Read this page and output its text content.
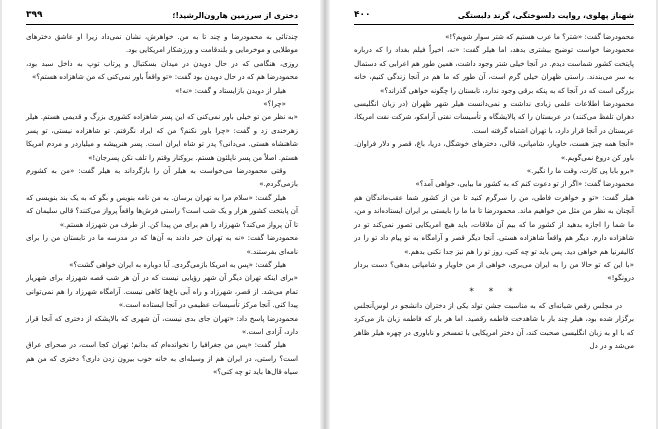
دختری از سرزمین هارون‌الرشید!؛
۳۹۹

چندتائی به محمودرضا و چند تا به من. خواهرش، نشان نمی‌داد زیرا او عاشق دخترهای موطلایی و موخرمایی و بلندقامت و ورزشکار امریکایی بود.

روزی، هنگامی که در حال دویدن در میدان بسکتبال و پرتاب توپ به داخل سبد بود، محمودرضا هم که در حال دویدن بود گفت: «تو واقعاً باور نمی‌کنی که من شاهزاده هستم؟»

هیلر از دویدن بازایستاد و گفت: «نه!»

«چرا؟»

«به نظر من تو خیلی باور نمی‌کنی که این پسر شاهزاده کشوری بزرگ و قدیمی هستم. هیلر زهرخندی زد و گفت: «چرا باور نکنم؟ من که ایراد نگرفتم. تو شاهزاده نیستی، تو پسر شاهنشاه هستی. می‌دانی؟ پدر تو شاه ایران است. پسر هنرپیشه و میلیاردر و مردم امریکا هستم. اصلاً من پسر ناپلئون هستم. بروکنار وقتم را تلف نکن پسرجان!»

وقتی محمودرضا می‌خواست به هیلر آن را بازگرداند به هیلر گفت: «من به کشورم بازمی‌گردم.»

هیلر گفت: «سلام مرا به تهران برسان. به من نامه بنویس و بگو که به یک بند بنویسی که آن پایتخت کشور هزار و یک شب است؟ راستی فرش‌ها واقعاً پرواز می‌کنند؟ قالی سلیمان که تا آن پرواز می‌کند؟ شهرزاد را هم برای من پیدا کن. از طرف من شهرزاد هستم.»

محمودرضا گفت: «نه به تهران خبر دادند به آن‌ها که در مدرسه ما در تابستان من را برای نامه‌ای بفرستند.»

هیلر گفت: «پس به امریکا بازمی‌گردی. آیا دوباره به ایران خواهی گشت؟»

«برای اینکه تهران دیگر آن شهر رؤیایی نیست که در آن هر شب قصه شهرزاد برای شهریار تمام می‌شد. از قصر، شهرزاد و راه آبی باغ‌ها کاهی نیست. آرامگاه شهرزاد را هم نمی‌توانی پیدا کنی. آنجا مرکز تأسیسات عظیمی در آنجا ایستاده است.»

محمودرضا پاسخ داد: «تهران جای بدی نیست، آن شهری که بالاپشکه از دختری که آنجا قرار دارد، آزادی است.»

هیلر گفت: «پس من جغرافیا را نخوانده‌ام که بدانم؛ تهران کجا است، در صحرای عراق است؟ راستی، در ایران هم از وسیله‌ای به خانه خوب بیرون زدن داری؟ دختری که من هم سیاه قال‌ها باید تو چه کنی؟»

شهناز پهلوی، روایت دلسوختگی، گرند دلبستگی
۴۰۰

محمودرضا گفت: «شتر؟ ما عرب هستیم که شتر سوار شویم؟!»

محمودرضا خواست توضیح بیشتری بدهد، اما هیلر گفت: «نه، اخیراً فیلم بغداد را که درباره پایتخت کشور شماست دیدم. در آنجا خیلی شتر وجود داشت، همین طور هم اعرابی که دستمال به سر می‌بندند. راستی ظهران خیلی گرم است، آن طور که ما هم در آنجا زندگی کنیم، خانه بزرگی است که در آنجا که به پنکه برقی وجود ندارد، تابستان را چگونه خواهی گذراند؟»

محمودرضا اطلاعات علمی زیادی نداشت و نمی‌دانست هیلر شهر ظهران (در زبان انگلیسی دهران تلفظ می‌کنند) در عربستان را که پالایشگاه و تأسیسات نفتی آرامکو، شرکت نفت امریکا، عربستان در آنجا قرار دارد، با تهران اشتباه گرفته است.

«آنجا همه چیز هست، خاویار، شامپانی، قالی، دخترهای خوشگل، دریا، باغ، قصر و دلار فراوان. باور کن دروغ نمی‌گویم.»

«برو بابا پی کارت، وقت ما را نگیر.»

محمودرضا گفت: «اگر از تو دعوت کنم که به کشور ما بیایی، خواهی آمد؟»

هیلر گفت: «تو و خواهرت فاطی، من را سرگرم کنید تا من از کشور شما عقب‌ماندگان هم آنچنان به نظر من مثل من خواهیم ماند. محمودرضا تا ما ما را بایستی بر ایران ایستاده‌اند و من، ما شما را اجازه بدهید از کشور ما که بیم آن ملاقات، باید هیچ امریکایی تصور نمی‌کند تو در شاهزاده دارم. دیگر هم واقعاً شاهزاده هستی. آنجا دیگر قصر و آرامگاه به تو پیام داد تو را در کالیفرنیا هم خواهی دید. پس باید تو چه کنی، روز تو را هم نیز جدا نکنی بدهم.»

«با این که تو حالا من را به ایران می‌بری، خواهی از من خاویار و شامپانی بدهی؟ دست بردار درونگو!»

* * *

در مجلس رقص شبانه‌ای که به مناسبت جشن تولد یکی از دختران دانشجو در لوس‌آنجلس برگزار شده بود، هیلر چند بار با شاهدخت فاطمه رقصید. اما هر بار که فاطمه زبان باز می‌کرد که با او به زبان انگلیسی صحبت کند، آن دختر امریکایی با تمسخر و ناباوری در چهره هیلر ظاهر می‌شد و در دل
